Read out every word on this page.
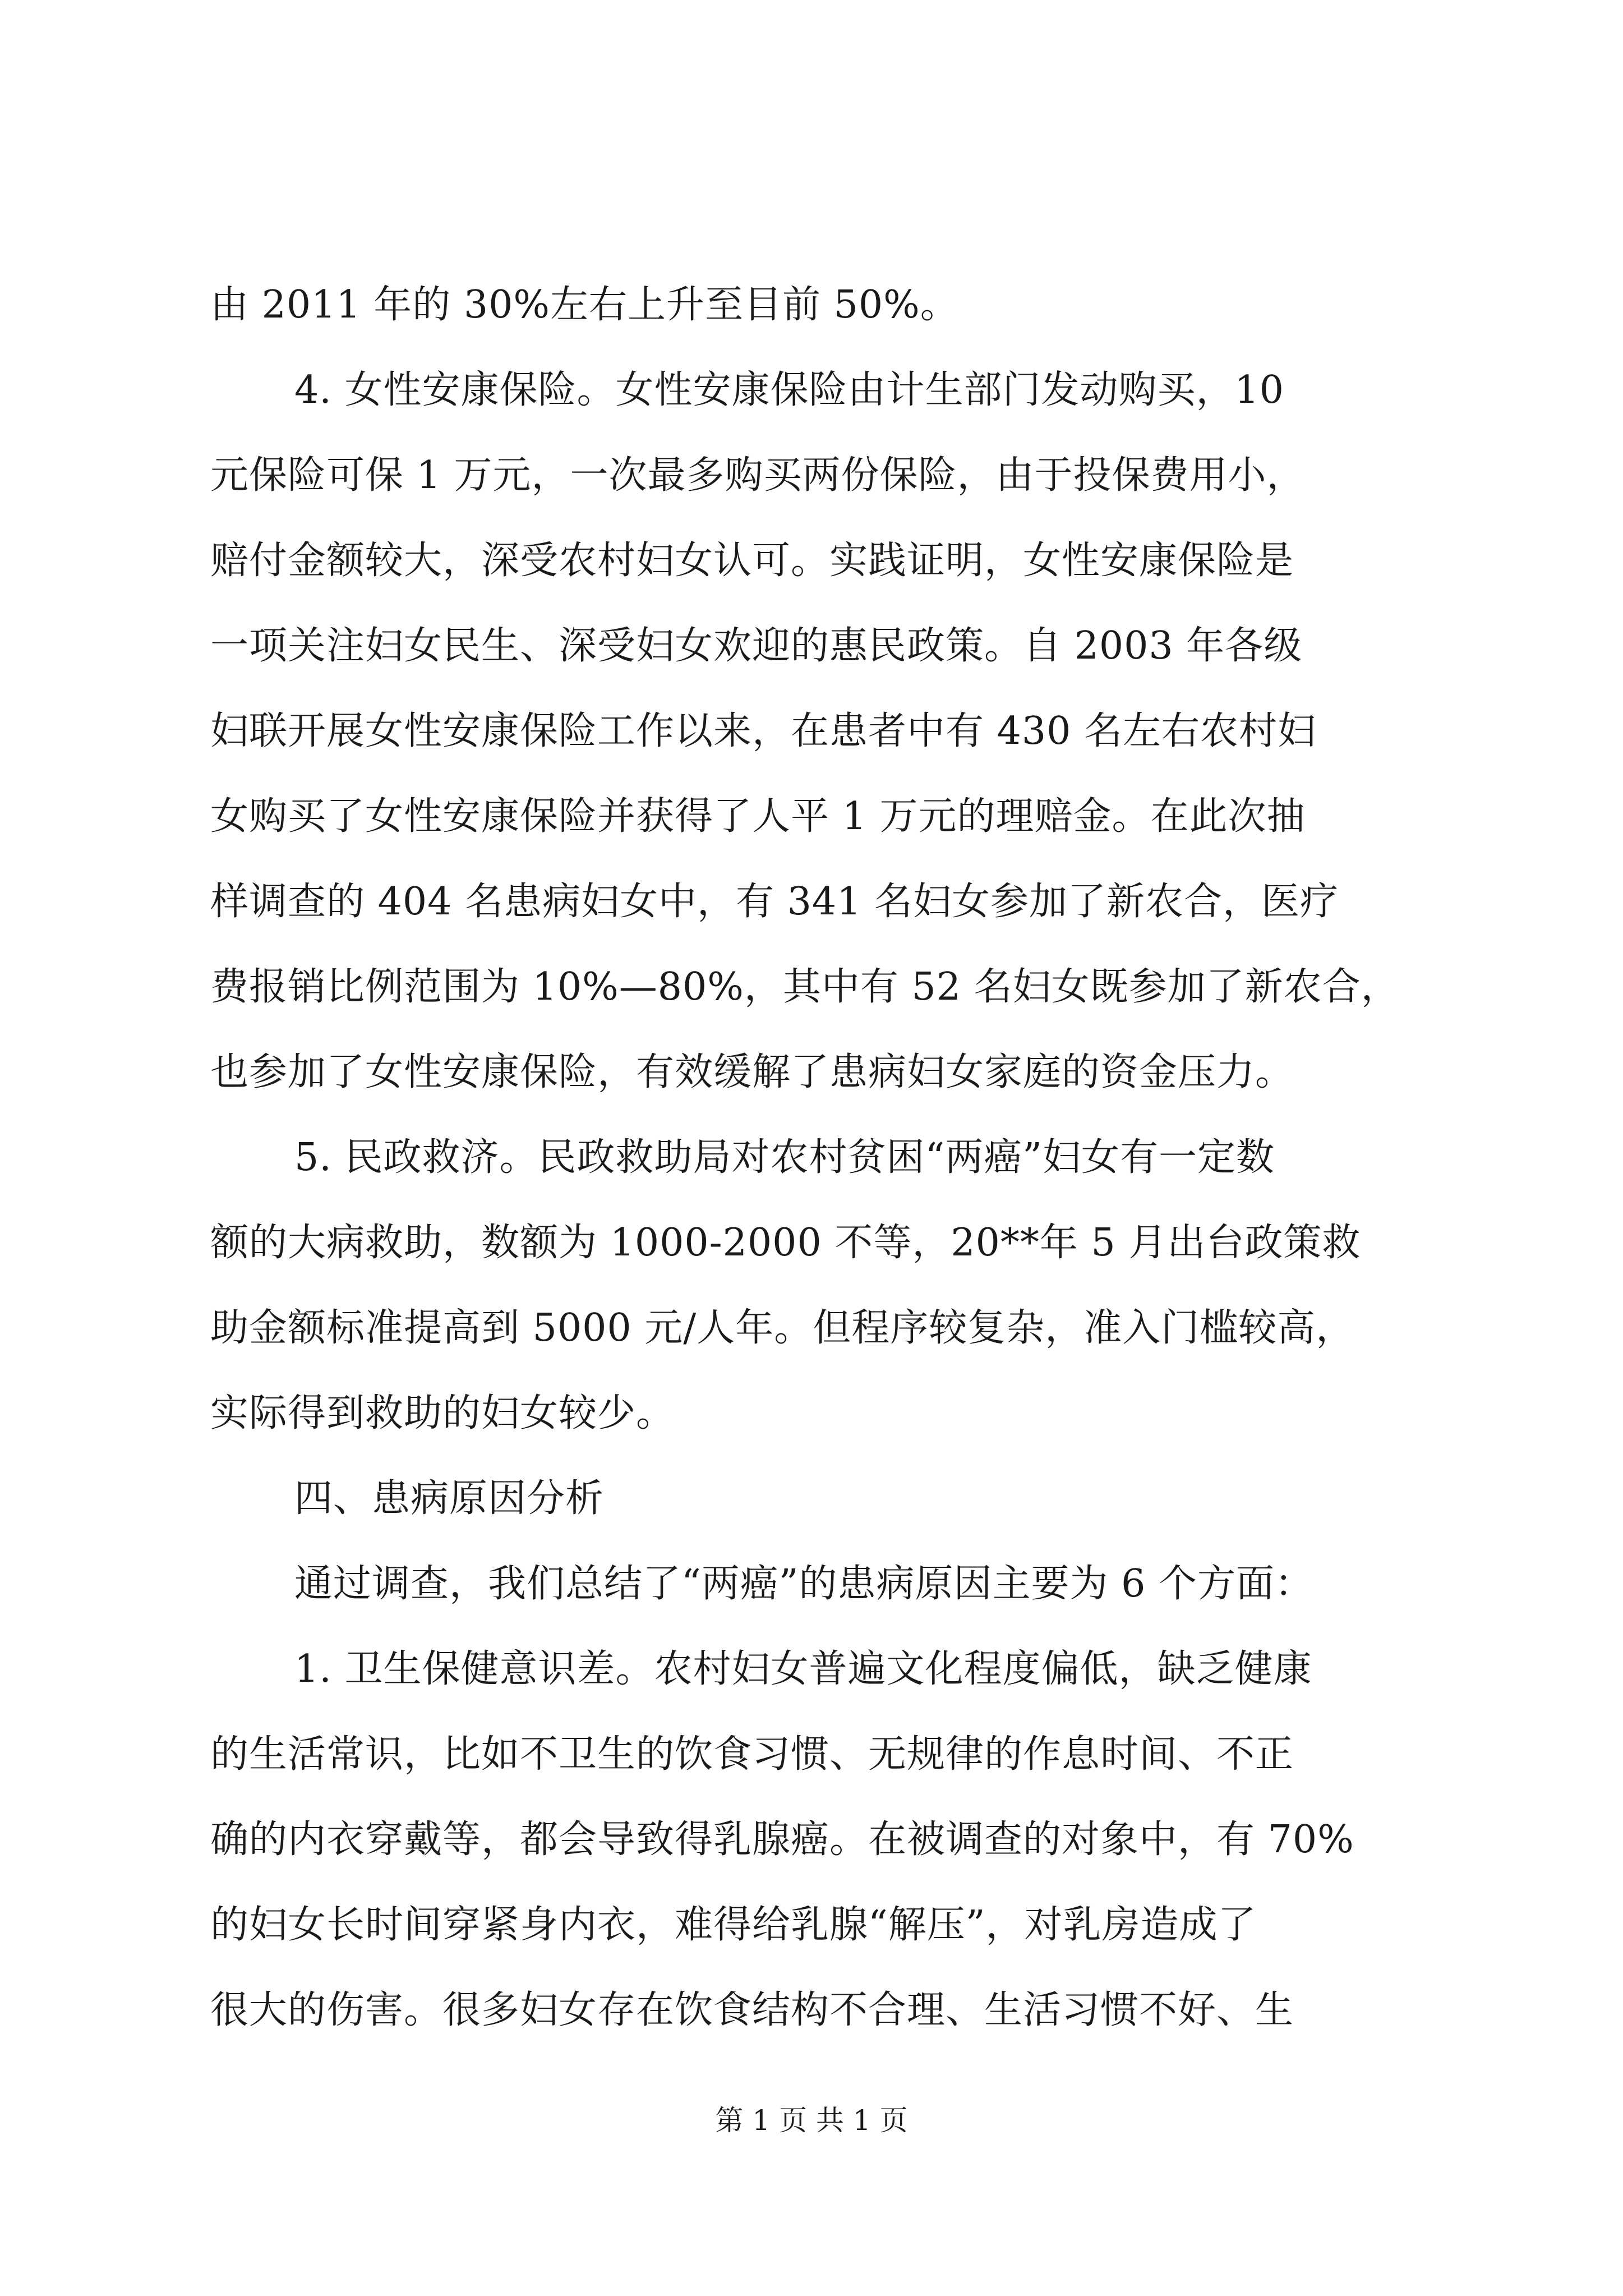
由 2011 年的 30%左右上升至目前 50%。
4. 女性安康保险。女性安康保险由计生部门发动购买，10
元保险可保 1 万元，一次最多购买两份保险，由于投保费用小，
赔付金额较大，深受农村妇女认可。实践证明，女性安康保险是
一项关注妇女民生、深受妇女欢迎的惠民政策。自 2003 年各级
妇联开展女性安康保险工作以来，在患者中有 430 名左右农村妇
女购买了女性安康保险并获得了人平 1 万元的理赔金。在此次抽
样调查的 404 名患病妇女中，有 341 名妇女参加了新农合，医疗
费报销比例范围为 10%—80%，其中有 52 名妇女既参加了新农合，
也参加了女性安康保险，有效缓解了患病妇女家庭的资金压力。
5. 民政救济。民政救助局对农村贫困“两癌”妇女有一定数
额的大病救助，数额为 1000-2000 不等，20**年 5 月出台政策救
助金额标准提高到 5000 元/人年。但程序较复杂，准入门槛较高，
实际得到救助的妇女较少。
四、患病原因分析
通过调查，我们总结了“两癌”的患病原因主要为 6 个方面：
1. 卫生保健意识差。农村妇女普遍文化程度偏低，缺乏健康
的生活常识，比如不卫生的饮食习惯、无规律的作息时间、不正
确的内衣穿戴等，都会导致得乳腺癌。在被调查的对象中，有 70%
的妇女长时间穿紧身内衣，难得给乳腺“解压”，对乳房造成了
很大的伤害。很多妇女存在饮食结构不合理、生活习惯不好、生
第 1 页 共 1 页
